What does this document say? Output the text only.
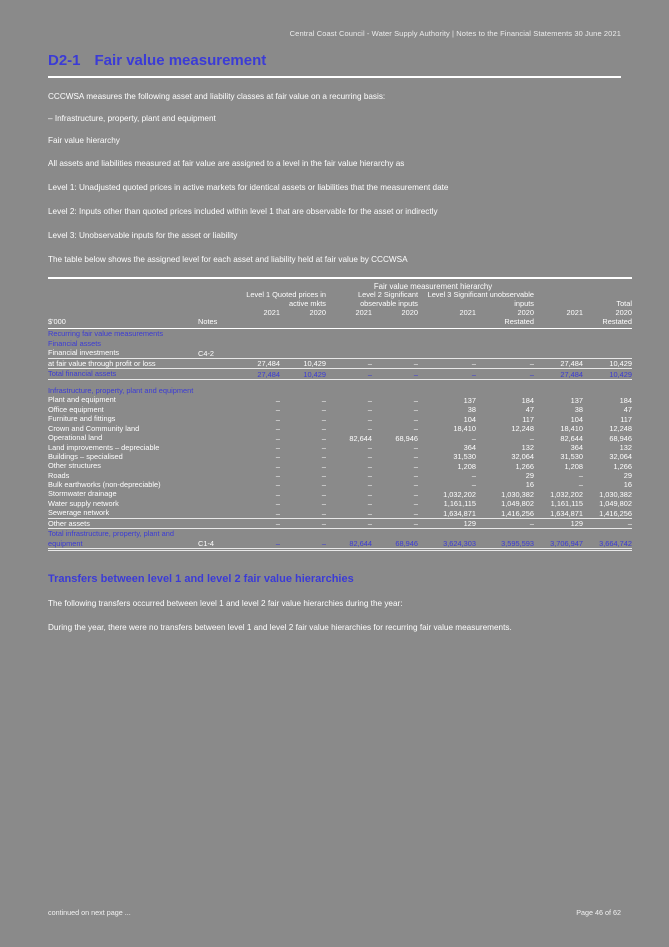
Central Coast Council - Water Supply Authority | Notes to the Financial Statements 30 June 2021
D2-1 Fair value measurement

CCCWSA measures the following asset and liability classes at fair value on a recurring basis:

– Infrastructure, property, plant and equipment

Fair value hierarchy

All assets and liabilities measured at fair value are assigned to a level in the fair value hierarchy as

Level 1: Unadjusted quoted prices in active markets for identical assets or liabilities that the measurement date

Level 2: Inputs other than quoted prices included within level 1 that are observable for the asset or indirectly

Level 3: Unobservable inputs for the asset or liability

The table below shows the assigned level for each asset and liability held at fair value by CCCWSA

		Fair value measurement hierarchy							
		Level 1 Quoted prices in active mkts		Level 2 Significant observable inputs		Level 3 Significant unobservable inputs		Total	
		2021	2020	2021	2020	2021	2020	2021	2020
$'000	Notes						Restated		Restated

Recurring fair value measurements									
Financial assets									
Financial investments	C4-2								
at fair value through profit or loss		27,484	10,429	–	–	–	–	27,484	10,429
Total financial assets		27,484	10,429	–	–	–	–	27,484	10,429

Infrastructure, property, plant and equipment									
Plant and equipment		–	–	–	–	137	184	137	184
Office equipment		–	–	–	–	38	47	38	47
Furniture and fittings		–	–	–	–	104	117	104	117
Crown and Community land		–	–	–	–	18,410	12,248	18,410	12,248
Operational land		–	–	82,644	68,946	–	–	82,644	68,946
Land improvements – depreciable		–	–	–	–	364	132	364	132
Buildings – specialised		–	–	–	–	31,530	32,064	31,530	32,064
Other structures		–	–	–	–	1,208	1,266	1,208	1,266
Roads		–	–	–	–	–	29	–	29
Bulk earthworks (non-depreciable)		–	–	–	–	–	16	–	16
Stormwater drainage		–	–	–	–	1,032,202	1,030,382	1,032,202	1,030,382
Water supply network		–	–	–	–	1,161,115	1,049,802	1,161,115	1,049,802
Sewerage network		–	–	–	–	1,634,871	1,416,256	1,634,871	1,416,256
Other assets		–	–	–	–	129	–	129	–
Total infrastructure, property, plant and equipment	C1-4	–	–	82,644	68,946	3,624,303	3,595,593	3,706,947	3,664,742
Transfers between level 1 and level 2 fair value hierarchies

The following transfers occurred between level 1 and level 2 fair value hierarchies during the year:

During the year, there were no transfers between level 1 and level 2 fair value hierarchies for recurring fair value measurements.

continued on next page ...	Page 46 of 62
